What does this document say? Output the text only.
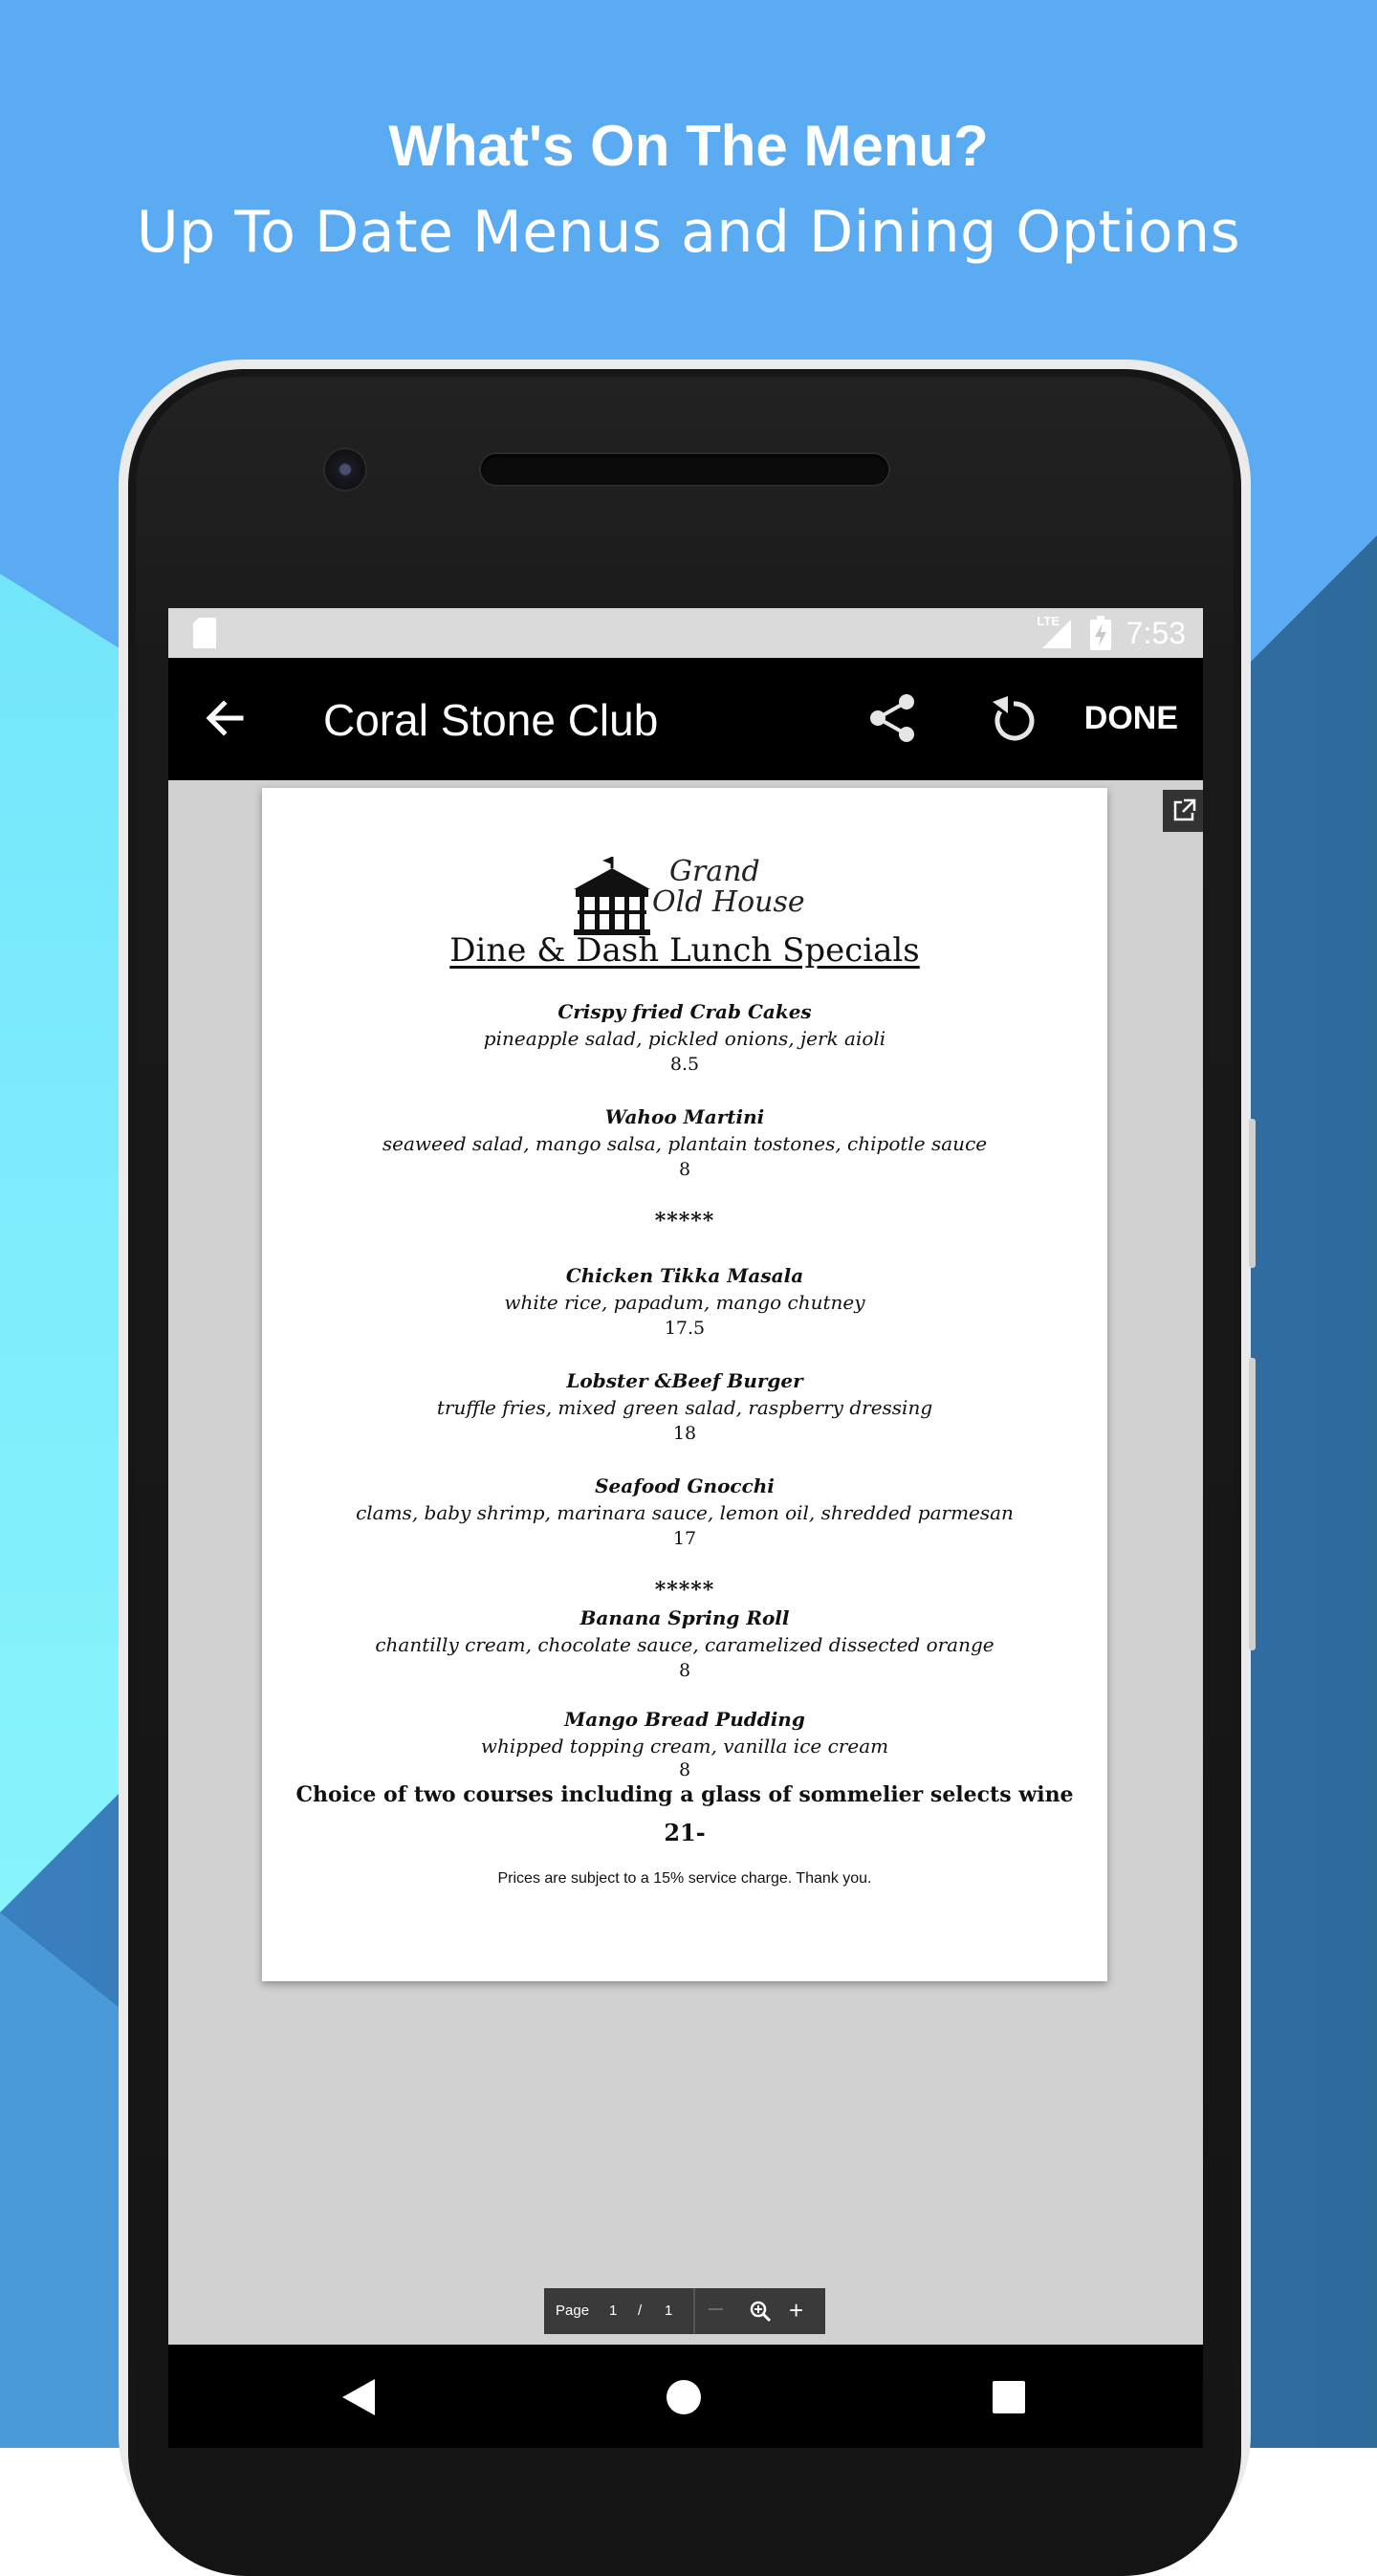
What's On The Menu?
Up To Date Menus and Dining Options
LTE 7:53
Coral Stone Club	DONE
Grand
Old House
Dine & Dash Lunch Specials
Crispy fried Crab Cakes
pineapple salad, pickled onions, jerk aioli
8.5
Wahoo Martini
seaweed salad, mango salsa, plantain tostones, chipotle sauce
8
*****
Chicken Tikka Masala
white rice, papadum, mango chutney
17.5
Lobster &Beef Burger
truffle fries, mixed green salad, raspberry dressing
18
Seafood Gnocchi
clams, baby shrimp, marinara sauce, lemon oil, shredded parmesan
17
*****
Banana Spring Roll
chantilly cream, chocolate sauce, caramelized dissected orange
8
Mango Bread Pudding
whipped topping cream, vanilla ice cream
8
Choice of two courses including a glass of sommelier selects wine
21-
Prices are subject to a 15% service charge. Thank you.
Page 1 / 1	—	+
